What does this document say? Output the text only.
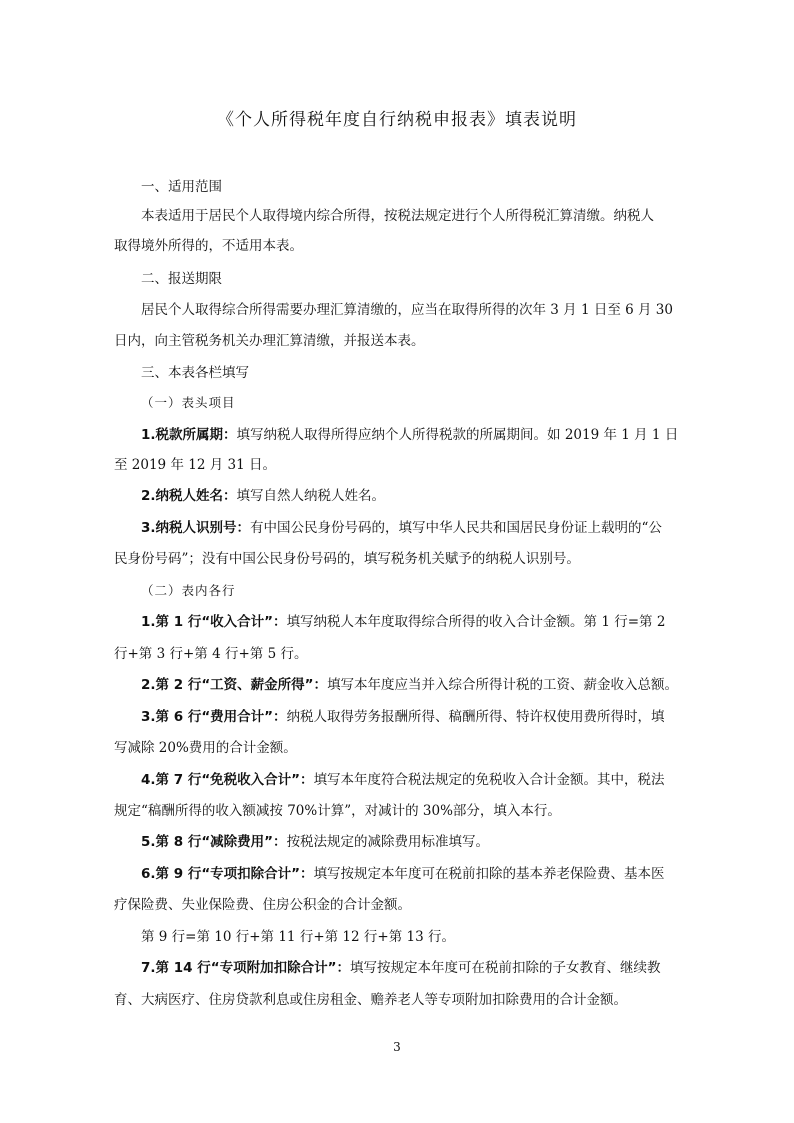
《个人所得税年度自行纳税申报表》填表说明
一、适用范围
本表适用于居民个人取得境内综合所得，按税法规定进行个人所得税汇算清缴。纳税人
取得境外所得的，不适用本表。
二、报送期限
居民个人取得综合所得需要办理汇算清缴的，应当在取得所得的次年 3 月 1 日至 6 月 30
日内，向主管税务机关办理汇算清缴，并报送本表。
三、本表各栏填写
（一）表头项目
1.税款所属期：填写纳税人取得所得应纳个人所得税款的所属期间。如 2019 年 1 月 1 日
至 2019 年 12 月 31 日。
2.纳税人姓名：填写自然人纳税人姓名。
3.纳税人识别号：有中国公民身份号码的，填写中华人民共和国居民身份证上载明的“公
民身份号码”；没有中国公民身份号码的，填写税务机关赋予的纳税人识别号。
（二）表内各行
1.第 1 行“收入合计”：填写纳税人本年度取得综合所得的收入合计金额。第 1 行=第 2
行+第 3 行+第 4 行+第 5 行。
2.第 2 行“工资、薪金所得”：填写本年度应当并入综合所得计税的工资、薪金收入总额。
3.第 6 行“费用合计”：纳税人取得劳务报酬所得、稿酬所得、特许权使用费所得时，填
写减除 20%费用的合计金额。
4.第 7 行“免税收入合计”：填写本年度符合税法规定的免税收入合计金额。其中，税法
规定“稿酬所得的收入额减按 70%计算”，对减计的 30%部分，填入本行。
5.第 8 行“减除费用”：按税法规定的减除费用标准填写。
6.第 9 行“专项扣除合计”：填写按规定本年度可在税前扣除的基本养老保险费、基本医
疗保险费、失业保险费、住房公积金的合计金额。
第 9 行=第 10 行+第 11 行+第 12 行+第 13 行。
7.第 14 行“专项附加扣除合计”：填写按规定本年度可在税前扣除的子女教育、继续教
育、大病医疗、住房贷款利息或住房租金、赡养老人等专项附加扣除费用的合计金额。
3
